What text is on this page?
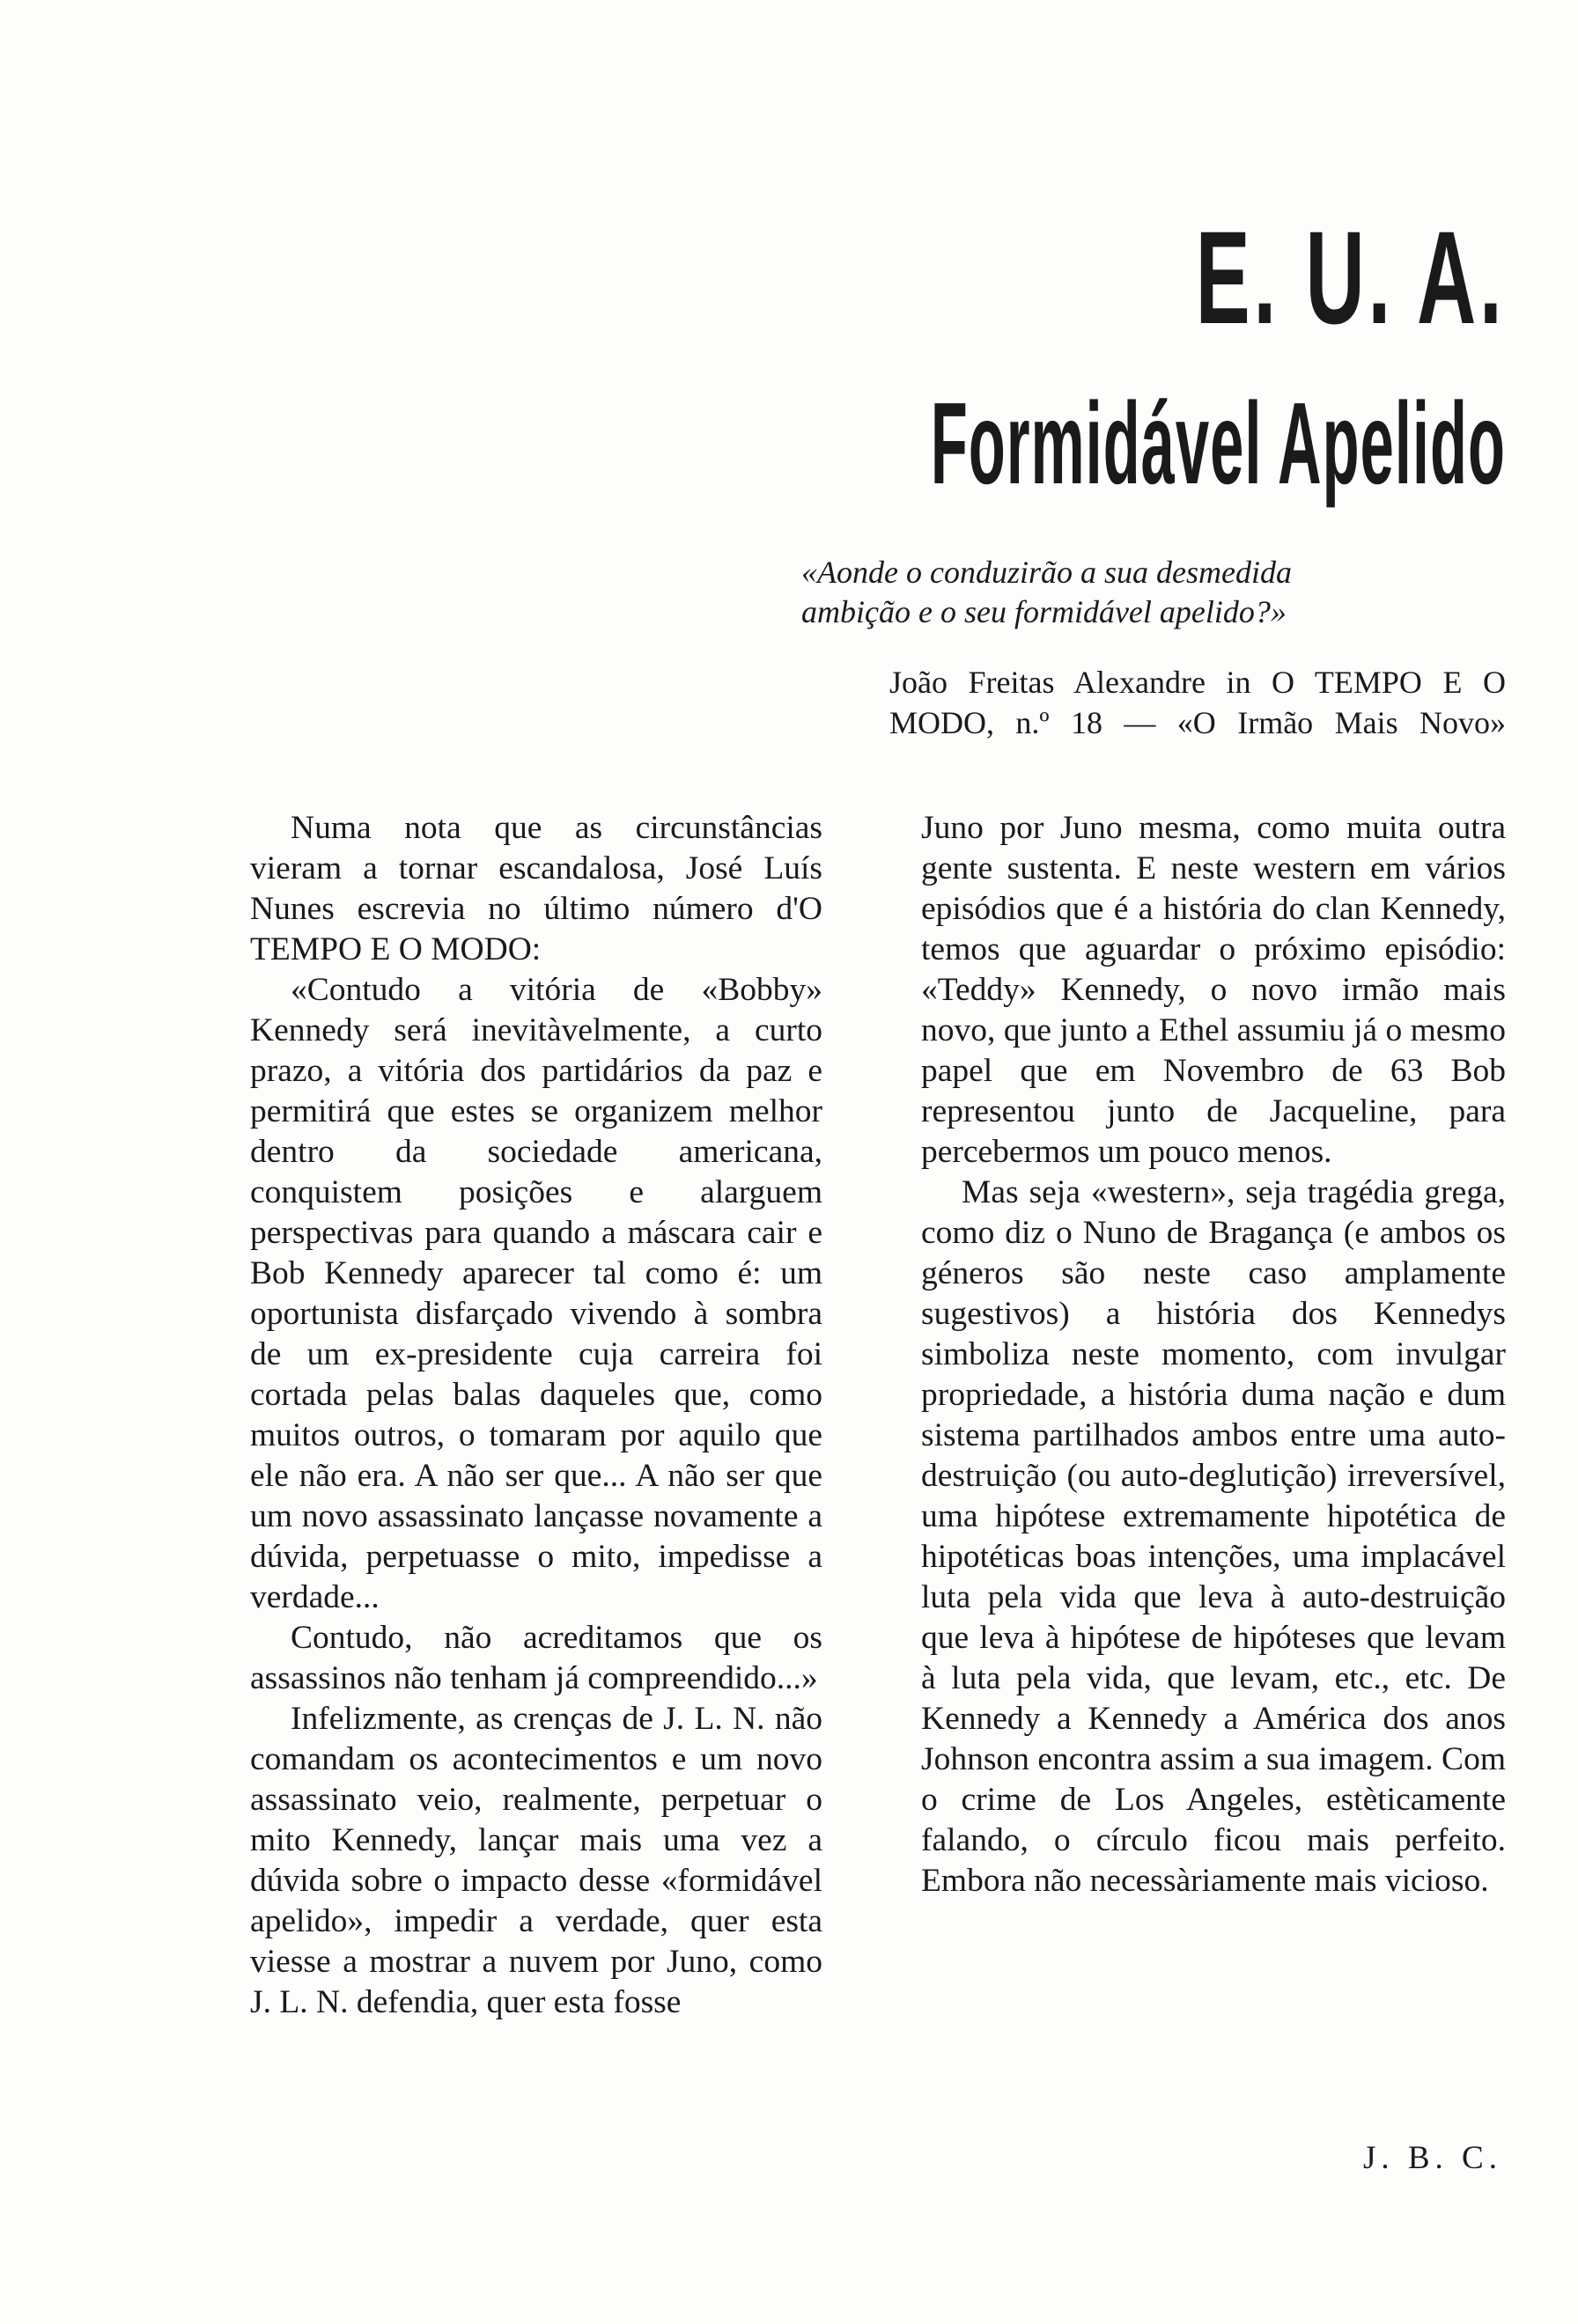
E. U. A.
Formidável Apelido

«Aonde o conduzirão a sua desmedida

ambição e o seu formidável apelido?»

João Freitas Alexandre in O TEMPO E O

MODO, n.º 18 — «O Irmão Mais Novo»

Numa nota que as circunstâncias vieram a tornar escandalosa, José Luís Nunes escrevia no último número d'O TEMPO E O MODO:

«Contudo a vitória de «Bobby» Kennedy será inevitàvelmente, a curto prazo, a vitória dos partidários da paz e permitirá que estes se organizem melhor dentro da sociedade americana, conquistem posições e alarguem perspectivas para quando a máscara cair e Bob Kennedy aparecer tal como é: um oportunista disfarçado vivendo à sombra de um ex-presidente cuja carreira foi cortada pelas balas daqueles que, como muitos outros, o tomaram por aquilo que ele não era. A não ser que... A não ser que um novo assassinato lançasse novamente a dúvida, perpetuasse o mito, impedisse a verdade...

Contudo, não acreditamos que os assassinos não tenham já compreendido...»

Infelizmente, as crenças de J. L. N. não comandam os acontecimentos e um novo assassinato veio, realmente, perpetuar o mito Kennedy, lançar mais uma vez a dúvida sobre o impacto desse «formidável apelido», impedir a verdade, quer esta viesse a mostrar a nuvem por Juno, como J. L. N. defendia, quer esta fosse

Juno por Juno mesma, como muita outra gente sustenta. E neste western em vários episódios que é a história do clan Kennedy, temos que aguardar o próximo episódio: «Teddy» Kennedy, o novo irmão mais novo, que junto a Ethel assumiu já o mesmo papel que em Novembro de 63 Bob representou junto de Jacqueline, para percebermos um pouco menos.

Mas seja «western», seja tragédia grega, como diz o Nuno de Bragança (e ambos os géneros são neste caso amplamente sugestivos) a história dos Kennedys simboliza neste momento, com invulgar propriedade, a história duma nação e dum sistema partilhados ambos entre uma auto-destruição (ou auto-deglutição) irreversível, uma hipótese extremamente hipotética de hipotéticas boas intenções, uma implacável luta pela vida que leva à auto-destruição que leva à hipótese de hipóteses que levam à luta pela vida, que levam, etc., etc. De Kennedy a Kennedy a América dos anos Johnson encontra assim a sua imagem. Com o crime de Los Angeles, estèticamente falando, o círculo ficou mais perfeito. Embora não necessàriamente mais vicioso.

J. B. C.
